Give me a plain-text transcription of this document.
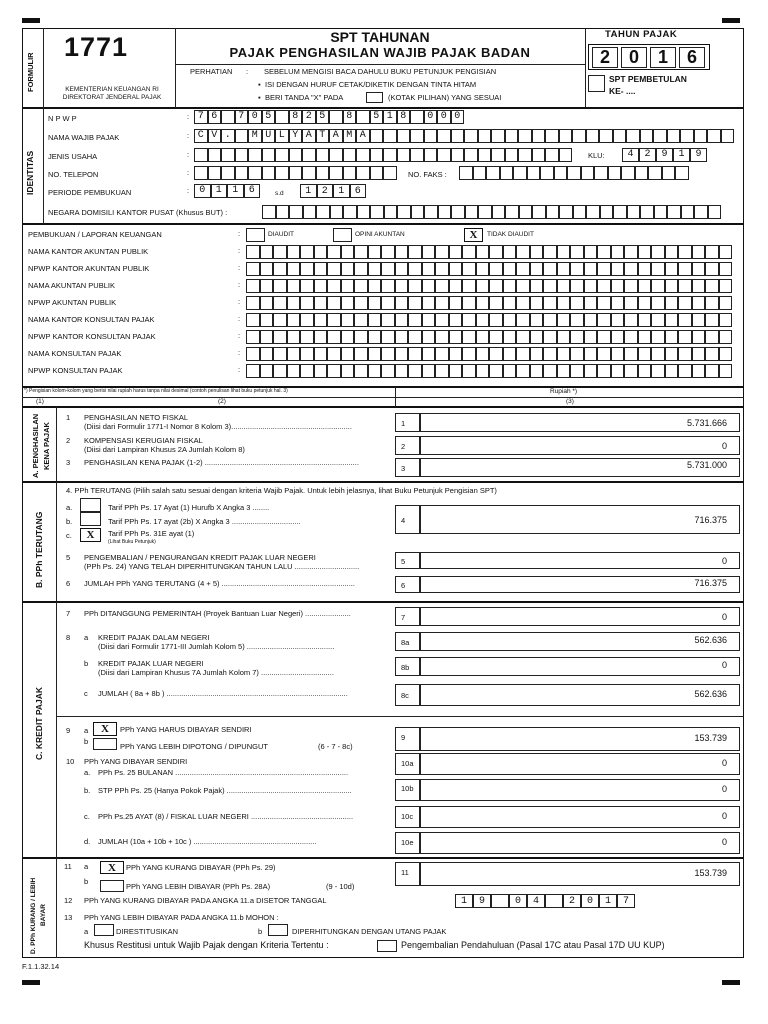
FORMULIR
1771
KEMENTERIAN KEUANGAN RI
DIREKTORAT JENDERAL PAJAK
SPT TAHUNAN
PAJAK PENGHASILAN WAJIB PAJAK BADAN
PERHATIAN : SEBELUM MENGISI BACA DAHULU BUKU PETUNJUK PENGISIAN
▪ ISI DENGAN HURUF CETAK/DIKETIK DENGAN TINTA HITAM
▪ BERI TANDA "X" PADA	(KOTAK PILIHAN) YANG SESUAI
TAHUN PAJAK
2	0	1	6
SPT PEMBETULAN
KE- ....
IDENTITAS
N P W P	: 7 6	7 0 5	8 2 5	8	5 1 8	0 0 0
NAMA WAJIB PAJAK	: C V .	M U L Y A T A M A
JENIS USAHA	:	KLU:	4	2	9	1	9
NO. TELEPON	:	NO. FAKS :
PERIODE PEMBUKUAN	:	0	1	1	6	1	2	1	6
s.d
NEGARA DOMISILI KANTOR PUSAT (Khusus BUT) :
PEMBUKUAN / LAPORAN KEUANGAN	:	DIAUDIT	OPINI AKUNTAN	X	TIDAK DIAUDIT
NAMA KANTOR AKUNTAN PUBLIK	:
NPWP KANTOR AKUNTAN PUBLIK	:
NAMA AKUNTAN PUBLIK	:
NPWP AKUNTAN PUBLIK	:
NAMA KANTOR KONSULTAN PAJAK	:
NPWP KANTOR KONSULTAN PAJAK	:
NAMA KONSULTAN PAJAK	:
NPWP KONSULTAN PAJAK	:
*) Pengisian kolom-kolom yang berisi nilai rupiah harus tanpa nilai desimal (contoh penulisan lihat buku petunjuk hal. 3)	Rupiah *)
(1)	(2)	(3)
A. PENGHASILAN KENA PAJAK
1 PENGHASILAN NETO FISKAL
(Diisi dari Formulir 1771-I Nomor 8 Kolom 3)..........................................................	1	5.731.666
2 KOMPENSASI KERUGIAN FISKAL
(Diisi dari Lampiran Khusus 2A Jumlah Kolom 8)	2	0
3 PENGHASILAN KENA PAJAK (1-2) ..........................................................................
3	5.731.000
B. PPh TERUTANG
4. PPh TERUTANG (Pilih salah satu sesuai dengan kriteria Wajib Pajak. Untuk lebih jelasnya, lihat Buku Petunjuk Pengisian SPT)
a.	Tarif PPh Ps. 17 Ayat (1) Hurufb X Angka 3 ........
b.	Tarif PPh Ps. 17 ayat (2b) X Angka 3 .................................
c.	X	Tarif PPh Ps. 31E ayat (1)
(Lihat Buku Petunjuk)
4	716.375
5 PENGEMBALIAN / PENGURANGAN KREDIT PAJAK LUAR NEGERI
(PPh Ps. 24) YANG TELAH DIPERHITUNGKAN TAHUN LALU ...............................
5	0
6 JUMLAH PPh YANG TERUTANG (4 + 5) ................................................................	6	716.375
C. KREDIT PAJAK
7 PPh DITANGGUNG PEMERINTAH (Proyek Bantuan Luar Negeri) ......................	7	0
8 a KREDIT PAJAK DALAM NEGERI
(Diisi dari Formulir 1771-III Jumlah Kolom 5) ..........................................	8a	562.636
b KREDIT PAJAK LUAR NEGERI
(Diisi dari Lampiran Khusus 7A Jumlah Kolom 7) ...................................
8b	0
c JUMLAH ( 8a + 8b ) .......................................................................................	8c	562.636
9 a	X	PPh YANG HARUS DIBAYAR SENDIRI
b
PPh YANG LEBIH DIPOTONG / DIPUNGUT	(6 - 7 - 8c)
9	153.739
10 PPh YANG DIBAYAR SENDIRI
a. PPh Ps. 25 BULANAN ...................................................................................
10a	0
b. STP PPh Ps. 25 (Hanya Pokok Pajak) ............................................................	10b	0
c. PPh Ps.25 AYAT (8) / FISKAL LUAR NEGERI .................................................	10c	0
d. JUMLAH (10a + 10b + 10c ) ...........................................................	10e	0
D. PPh KURANG / LEBIH BAYAR
11 a	X	PPh YANG KURANG DIBAYAR (PPh Ps. 29)
b
PPh YANG LEBIH DIBAYAR (PPh Ps. 28A)	(9 - 10d)
11	153.739
12 PPh YANG KURANG DIBAYAR PADA ANGKA 11.a DISETOR TANGGAL	1	9	0	4	2	0	1	7
13 PPh YANG LEBIH DIBAYAR PADA ANGKA 11.b MOHON :
a	DIRESTITUSIKAN	b	DIPERHITUNGKAN DENGAN UTANG PAJAK
Khusus Restitusi untuk Wajib Pajak dengan Kriteria Tertentu :	Pengembalian Pendahuluan (Pasal 17C atau Pasal 17D UU KUP)
F.1.1.32.14
